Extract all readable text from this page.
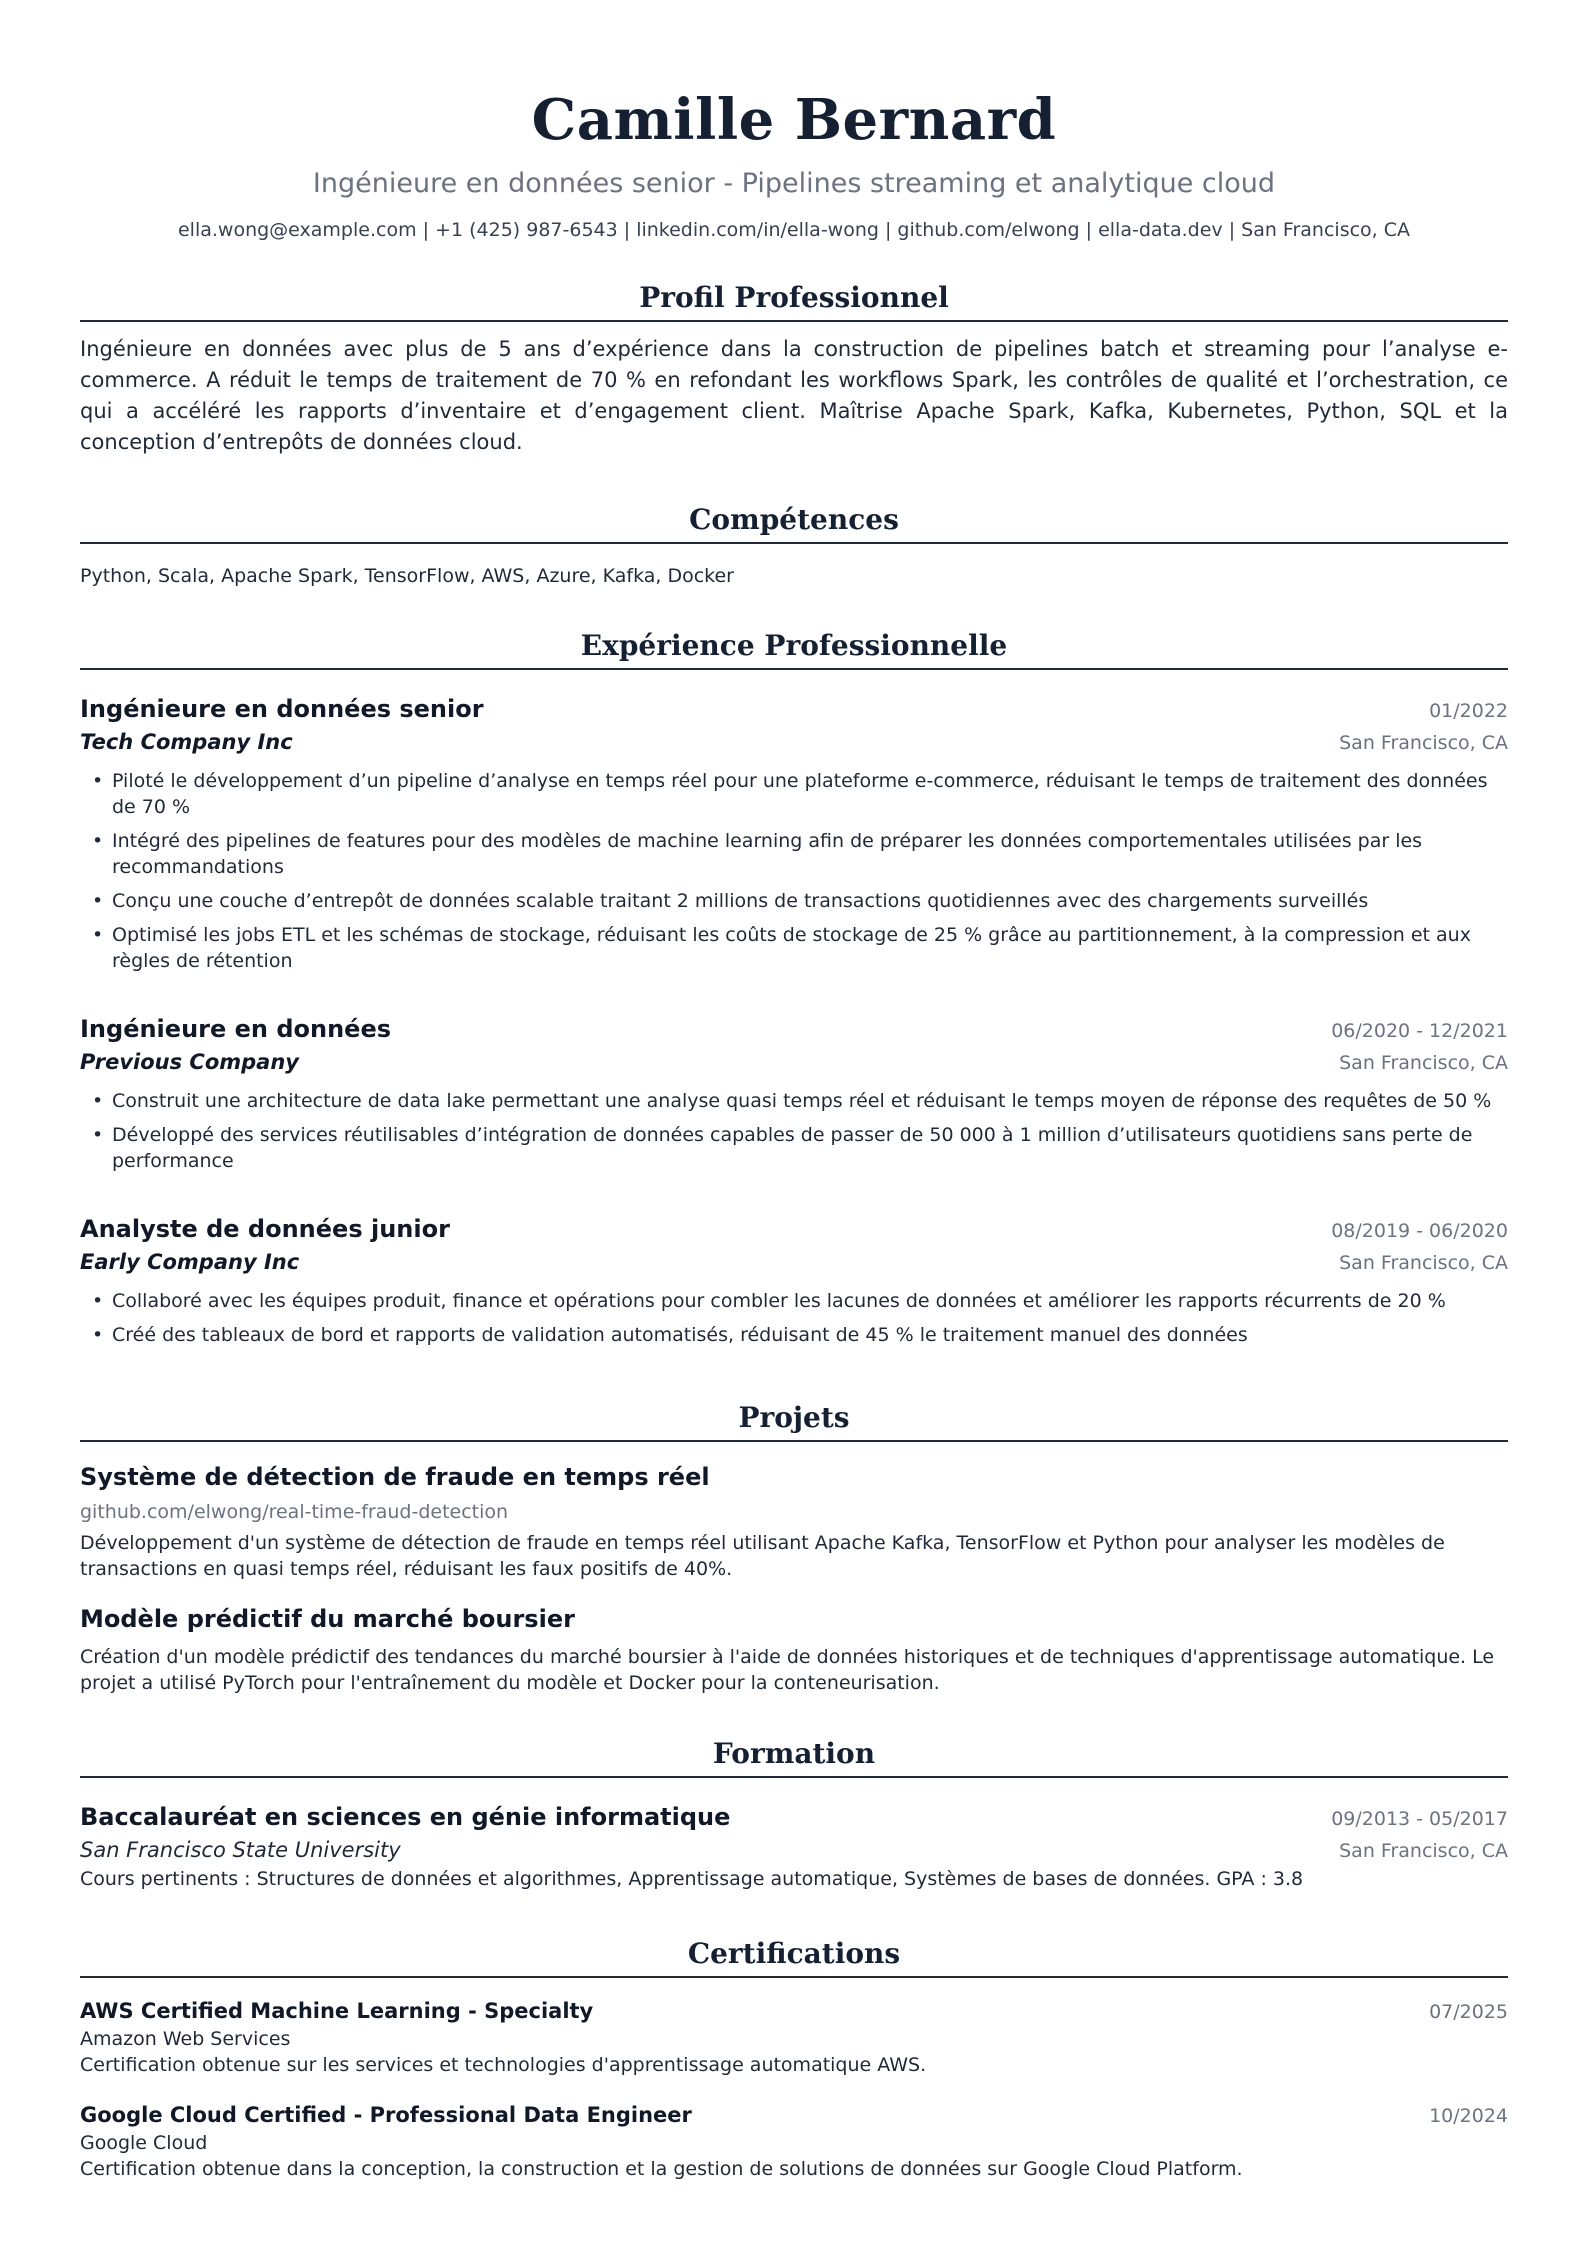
Camille Bernard
Ingénieure en données senior - Pipelines streaming et analytique cloud
ella.wong@example.com | +1 (425) 987-6543 | linkedin.com/in/ella-wong | github.com/elwong | ella-data.dev | San Francisco, CA
Profil Professionnel
Ingénieure en données avec plus de 5 ans d’expérience dans la construction de pipelines batch et streaming pour l’analyse e-commerce. A réduit le temps de traitement de 70 % en refondant les workflows Spark, les contrôles de qualité et l’orchestration, ce qui a accéléré les rapports d’inventaire et d’engagement client. Maîtrise Apache Spark, Kafka, Kubernetes, Python, SQL et la conception d’entrepôts de données cloud.
Compétences
Python, Scala, Apache Spark, TensorFlow, AWS, Azure, Kafka, Docker
Expérience Professionnelle
Ingénieure en données senior	01/2022
Tech Company Inc	San Francisco, CA
• Piloté le développement d’un pipeline d’analyse en temps réel pour une plateforme e-commerce, réduisant le temps de traitement des données de 70 %
• Intégré des pipelines de features pour des modèles de machine learning afin de préparer les données comportementales utilisées par les recommandations
• Conçu une couche d’entrepôt de données scalable traitant 2 millions de transactions quotidiennes avec des chargements surveillés
• Optimisé les jobs ETL et les schémas de stockage, réduisant les coûts de stockage de 25 % grâce au partitionnement, à la compression et aux règles de rétention
Ingénieure en données	06/2020 - 12/2021
Previous Company	San Francisco, CA
• Construit une architecture de data lake permettant une analyse quasi temps réel et réduisant le temps moyen de réponse des requêtes de 50 %
• Développé des services réutilisables d’intégration de données capables de passer de 50 000 à 1 million d’utilisateurs quotidiens sans perte de performance
Analyste de données junior	08/2019 - 06/2020
Early Company Inc	San Francisco, CA
• Collaboré avec les équipes produit, finance et opérations pour combler les lacunes de données et améliorer les rapports récurrents de 20 %
• Créé des tableaux de bord et rapports de validation automatisés, réduisant de 45 % le traitement manuel des données
Projets
Système de détection de fraude en temps réel
github.com/elwong/real-time-fraud-detection
Développement d'un système de détection de fraude en temps réel utilisant Apache Kafka, TensorFlow et Python pour analyser les modèles de transactions en quasi temps réel, réduisant les faux positifs de 40%.
Modèle prédictif du marché boursier
Création d'un modèle prédictif des tendances du marché boursier à l'aide de données historiques et de techniques d'apprentissage automatique. Le projet a utilisé PyTorch pour l'entraînement du modèle et Docker pour la conteneurisation.
Formation
Baccalauréat en sciences en génie informatique	09/2013 - 05/2017
San Francisco State University	San Francisco, CA
Cours pertinents : Structures de données et algorithmes, Apprentissage automatique, Systèmes de bases de données. GPA : 3.8
Certifications
AWS Certified Machine Learning - Specialty	07/2025
Amazon Web Services
Certification obtenue sur les services et technologies d'apprentissage automatique AWS.
Google Cloud Certified - Professional Data Engineer	10/2024
Google Cloud
Certification obtenue dans la conception, la construction et la gestion de solutions de données sur Google Cloud Platform.
